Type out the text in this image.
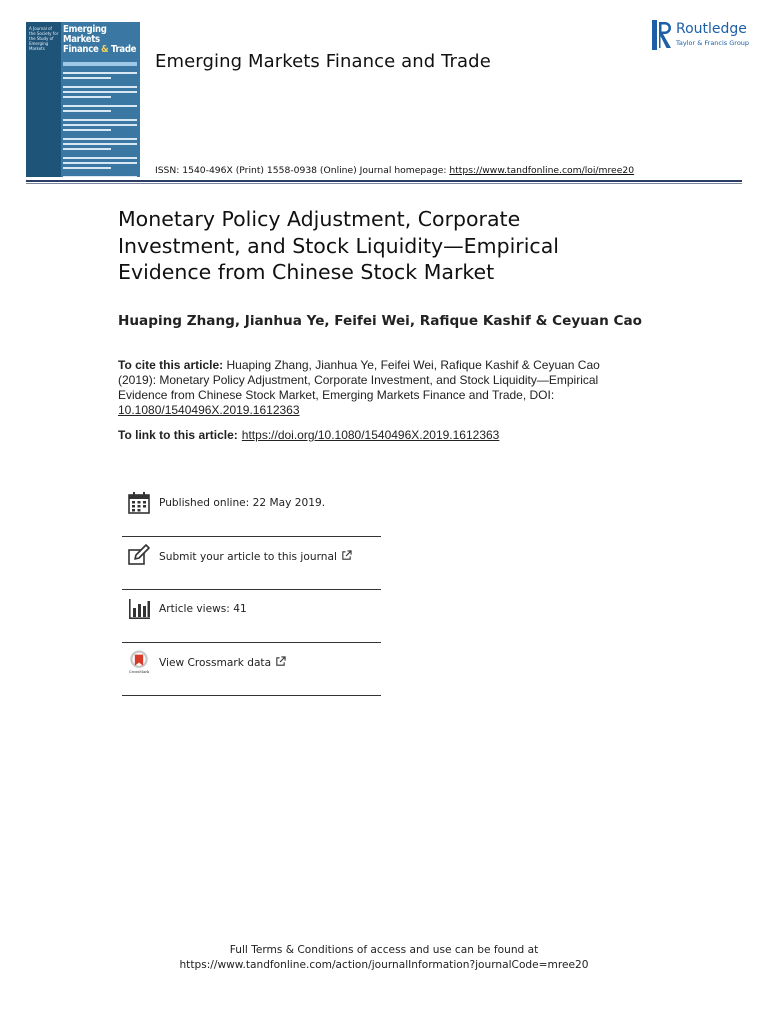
A Journal of the Society for the Study of Emerging Markets
Emerging Markets
Finance & Trade
Emerging Markets Finance and Trade
Routledge
Taylor & Francis Group
ISSN: 1540-496X (Print) 1558-0938 (Online) Journal homepage: https://www.tandfonline.com/loi/mree20
Monetary Policy Adjustment, Corporate Investment, and Stock Liquidity—Empirical Evidence from Chinese Stock Market
Huaping Zhang, Jianhua Ye, Feifei Wei, Rafique Kashif & Ceyuan Cao
To cite this article: Huaping Zhang, Jianhua Ye, Feifei Wei, Rafique Kashif & Ceyuan Cao (2019): Monetary Policy Adjustment, Corporate Investment, and Stock Liquidity—Empirical Evidence from Chinese Stock Market, Emerging Markets Finance and Trade, DOI: 10.1080/1540496X.2019.1612363
To link to this article: https://doi.org/10.1080/1540496X.2019.1612363
Published online: 22 May 2019.
Submit your article to this journal
Article views: 41
CrossMark
View Crossmark data
Full Terms & Conditions of access and use can be found at
https://www.tandfonline.com/action/journalInformation?journalCode=mree20
